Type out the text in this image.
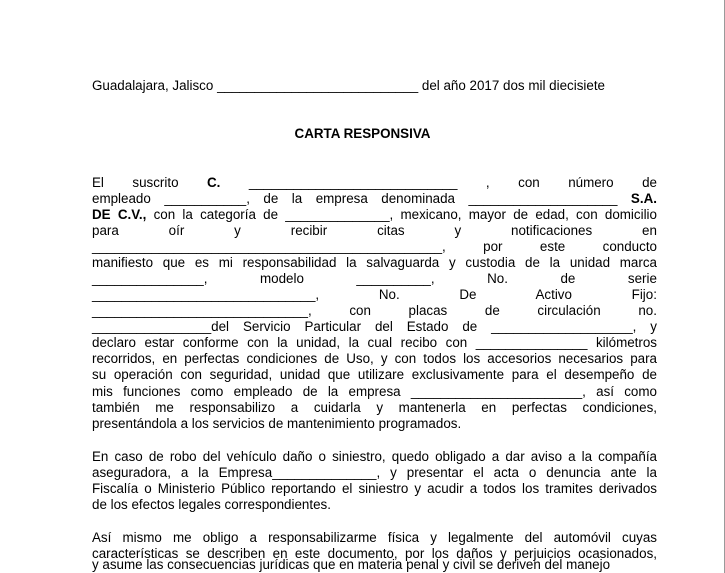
Guadalajara, Jalisco ___________________________ del año 2017 dos mil diecisiete
CARTA RESPONSIVA
El suscrito C. ____________________________ , con número de
empleado ___________, de la empresa denominada ____________________ S.A.
DE C.V., con la categoría de ______________, mexicano, mayor de edad, con domicilio
para	oír	y	recibir	citas	y	notificaciones	en
_______________________________________________, por este conducto
manifiesto que es mi responsabilidad la salvaguarda y custodia de la unidad marca
_______________,	modelo	__________,	No.	de	serie
______________________________,	No.	De	Activo	Fijo:
_____________________________,	con	placas	de	circulación	no.
________________del Servicio Particular del Estado de ___________________, y
declaro estar conforme con la unidad, la cual recibo con _______________ kilómetros
recorridos, en perfectas condiciones de Uso, y con todos los accesorios necesarios para
su operación con seguridad, unidad que utilizare exclusivamente para el desempeño de
mis funciones como empleado de la empresa _______________________, así como
también me responsabilizo a cuidarla y mantenerla en perfectas condiciones,
presentándola a los servicios de mantenimiento programados.
En caso de robo del vehículo daño o siniestro, quedo obligado a dar aviso a la compañía
aseguradora, a la Empresa______________, y presentar el acta o denuncia ante la
Fiscalía o Ministerio Público reportando el siniestro y acudir a todos los tramites derivados
de los efectos legales correspondientes.
Así mismo me obligo a responsabilizarme física y legalmente del automóvil cuyas
características se describen en este documento, por los daños y perjuicios ocasionados,
y asume las consecuencias jurídicas que en materia penal y civil se deriven del manejo
